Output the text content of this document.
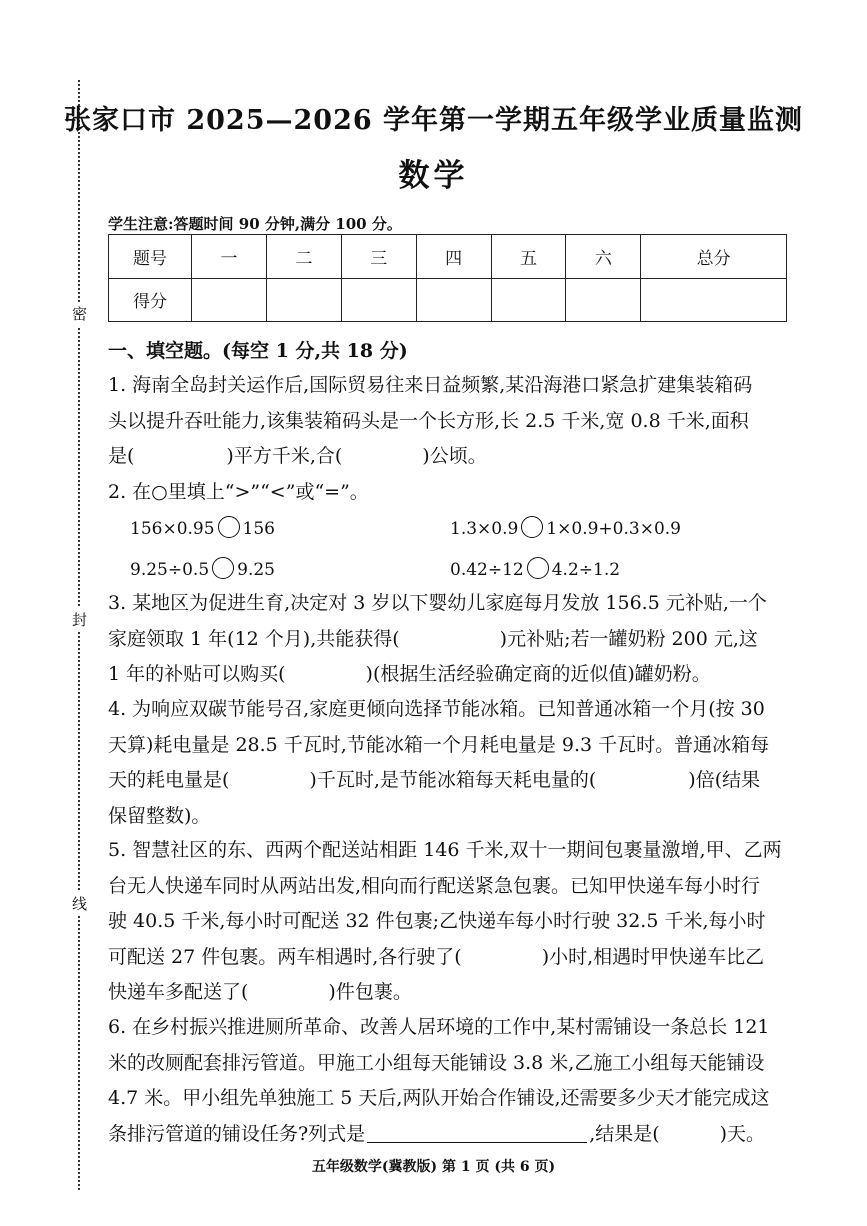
密
封
线
张家口市 2025—2026 学年第一学期五年级学业质量监测
数学
学生注意:答题时间 90 分钟,满分 100 分。
题号	一	二	三	四	五	六	总分
得分							
一、填空题。(每空 1 分,共 18 分)
1. 海南全岛封关运作后,国际贸易往来日益频繁,某沿海港口紧急扩建集装箱码
头以提升吞吐能力,该集装箱码头是一个长方形,长 2.5 千米,宽 0.8 千米,面积
是(	)平方千米,合(	)公顷。
2. 在○里填上“>”“<”或“=”。
156×0.95 156	1.3×0.9 1×0.9+0.3×0.9
9.25÷0.5 9.25	0.42÷12 4.2÷1.2
3. 某地区为促进生育,决定对 3 岁以下婴幼儿家庭每月发放 156.5 元补贴,一个
家庭领取 1 年(12 个月),共能获得(	)元补贴;若一罐奶粉 200 元,这
1 年的补贴可以购买(	)(根据生活经验确定商的近似值)罐奶粉。
4. 为响应双碳节能号召,家庭更倾向选择节能冰箱。已知普通冰箱一个月(按 30
天算)耗电量是 28.5 千瓦时,节能冰箱一个月耗电量是 9.3 千瓦时。普通冰箱每
天的耗电量是(	)千瓦时,是节能冰箱每天耗电量的(	)倍(结果
保留整数)。
5. 智慧社区的东、西两个配送站相距 146 千米,双十一期间包裹量激增,甲、乙两
台无人快递车同时从两站出发,相向而行配送紧急包裹。已知甲快递车每小时行
驶 40.5 千米,每小时可配送 32 件包裹;乙快递车每小时行驶 32.5 千米,每小时
可配送 27 件包裹。两车相遇时,各行驶了(	)小时,相遇时甲快递车比乙
快递车多配送了(	)件包裹。
6. 在乡村振兴推进厕所革命、改善人居环境的工作中,某村需铺设一条总长 121
米的改厕配套排污管道。甲施工小组每天能铺设 3.8 米,乙施工小组每天能铺设
4.7 米。甲小组先单独施工 5 天后,两队开始合作铺设,还需要多少天才能完成这
条排污管道的铺设任务?列式是	,结果是(	)天。
五年级数学(冀教版) 第 1 页 (共 6 页)
